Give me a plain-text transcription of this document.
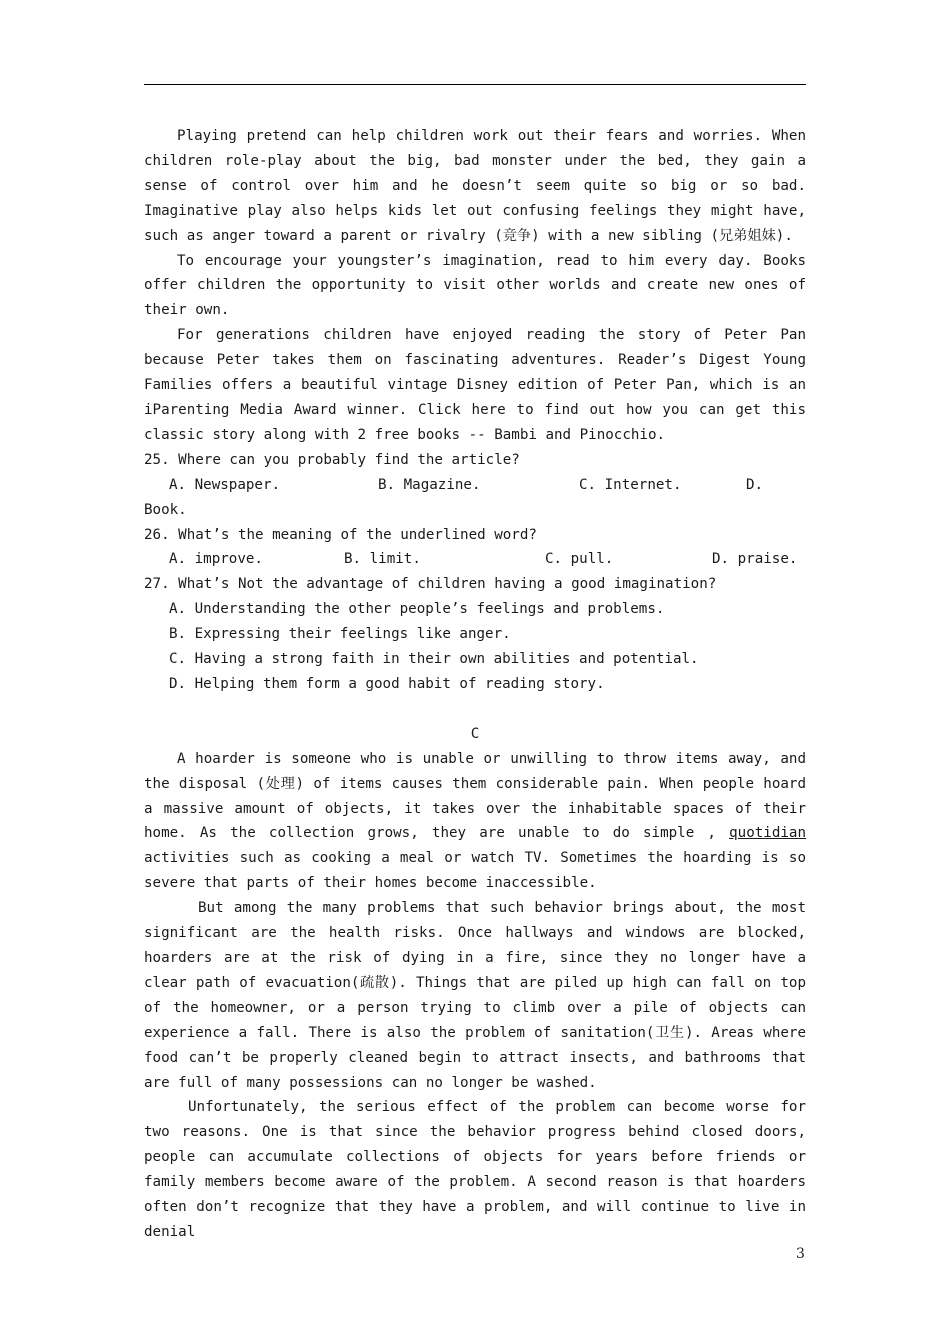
Playing pretend can help children work out their fears and worries. When children role-play about the big, bad monster under the bed, they gain a sense of control over him and he doesn’t seem quite so big or so bad. Imaginative play also helps kids let out confusing feelings they might have, such as anger toward a parent or rivalry (竞争) with a new sibling (兄弟姐妹).

To encourage your youngster’s imagination, read to him every day. Books offer children the opportunity to visit other worlds and create new ones of their own.

For generations children have enjoyed reading the story of Peter Pan because Peter takes them on fascinating adventures. Reader’s Digest Young Families offers a beautiful vintage Disney edition of Peter Pan, which is an iParenting Media Award winner. Click here to find out how you can get this classic story along with 2 free books -- Bambi and Pinocchio.

25. Where can you probably find the article?

A. Newspaper.	B. Magazine.	C. Internet.	D.

Book.

26. What’s the meaning of the underlined word?

A. improve.	B. limit.	C. pull.	D. praise.

27. What’s Not the advantage of children having a good imagination?

A. Understanding the other people’s feelings and problems.

B. Expressing their feelings like anger.

C. Having a strong faith in their own abilities and potential.

D. Helping them form a good habit of reading story.

C

A hoarder is someone who is unable or unwilling to throw items away, and the disposal (处理) of items causes them considerable pain. When people hoard a massive amount of objects, it takes over the inhabitable spaces of their home. As the collection grows, they are unable to do simple , quotidian activities such as cooking a meal or watch TV. Sometimes the hoarding is so severe that parts of their homes become inaccessible.

But among the many problems that such behavior brings about, the most significant are the health risks. Once hallways and windows are blocked, hoarders are at the risk of dying in a fire, since they no longer have a clear path of evacuation(疏散). Things that are piled up high can fall on top of the homeowner, or a person trying to climb over a pile of objects can experience a fall. There is also the problem of sanitation(卫生). Areas where food can’t be properly cleaned begin to attract insects, and bathrooms that are full of many possessions can no longer be washed.

Unfortunately, the serious effect of the problem can become worse for two reasons. One is that since the behavior progress behind closed doors, people can accumulate collections of objects for years before friends or family members become aware of the problem. A second reason is that hoarders often don’t recognize that they have a problem, and will continue to live in denial

3
